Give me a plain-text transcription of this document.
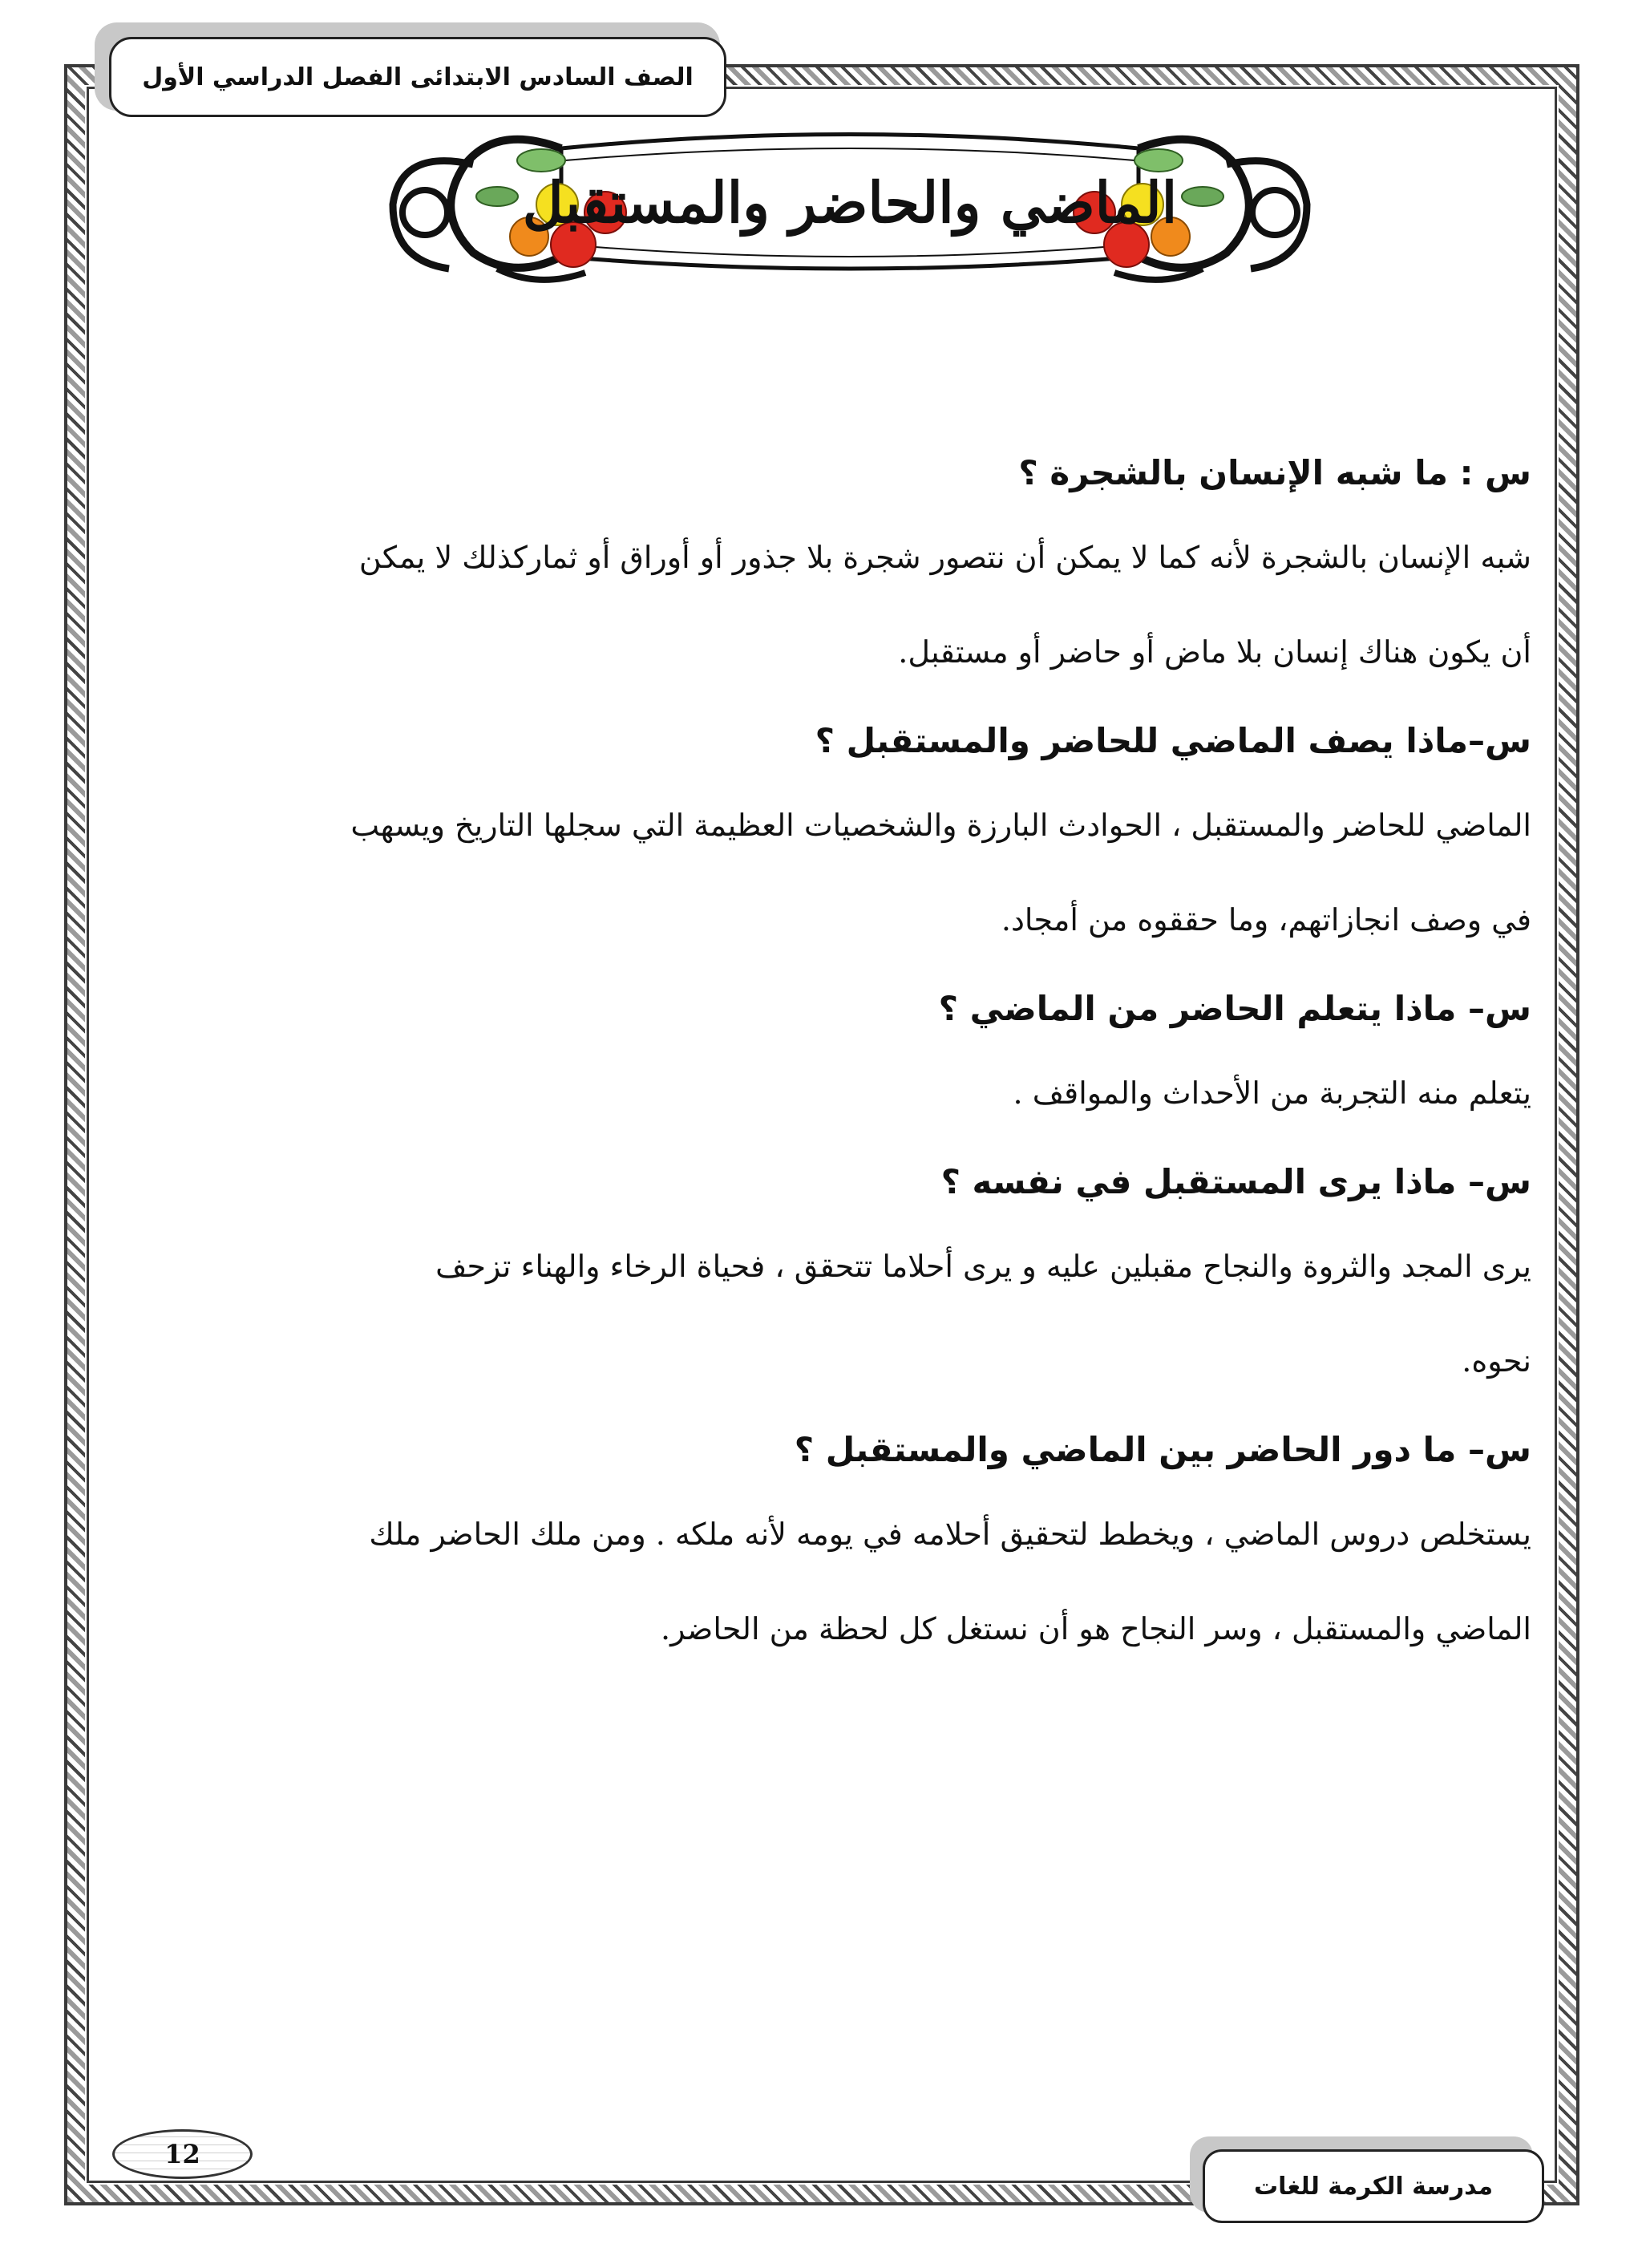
الصف السادس الابتدائى الفصل الدراسي الأول
الماضي والحاضر والمستقبل
س : ما شبه الإنسان بالشجرة ؟
شبه الإنسان بالشجرة لأنه كما لا يمكن أن نتصور شجرة بلا جذور أو أوراق أو ثماركذلك لا يمكن
أن يكون هناك إنسان بلا ماض أو حاضر أو مستقبل.
س–ماذا يصف الماضي للحاضر والمستقبل ؟
الماضي للحاضر والمستقبل ، الحوادث البارزة والشخصيات العظيمة التي سجلها التاريخ ويسهب
في وصف انجازاتهم، وما حققوه من أمجاد.
س– ماذا يتعلم الحاضر من الماضي ؟
يتعلم منه التجربة من الأحداث والمواقف .
س– ماذا يرى المستقبل في نفسه ؟
يرى المجد والثروة والنجاح مقبلين عليه و يرى أحلاما تتحقق ، فحياة الرخاء والهناء تزحف
نحوه.
س– ما دور الحاضر بين الماضي والمستقبل ؟
يستخلص دروس الماضي ، ويخطط لتحقيق أحلامه في يومه لأنه ملكه . ومن ملك الحاضر ملك
الماضي والمستقبل ، وسر النجاح هو أن نستغل كل لحظة من الحاضر.
12
مدرسة الكرمة للغات
